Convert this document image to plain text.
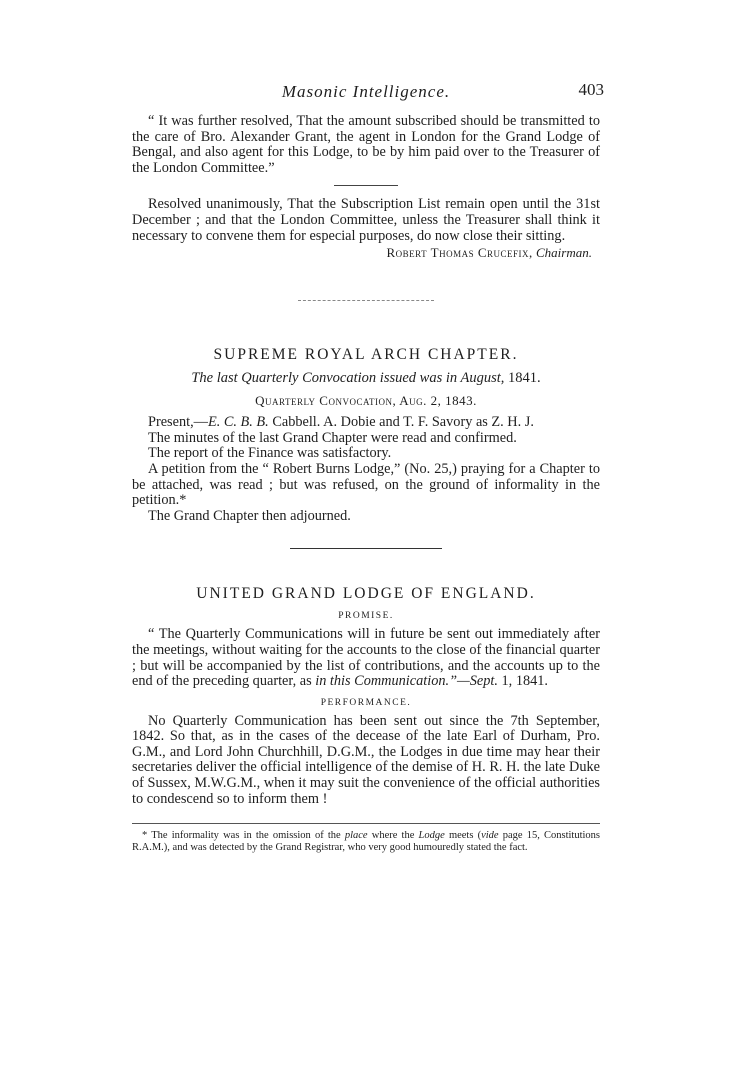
Masonic Intelligence.	403

“ It was further resolved, That the amount subscribed should be transmitted to the care of Bro. Alexander Grant, the agent in London for the Grand Lodge of Bengal, and also agent for this Lodge, to be by him paid over to the Treasurer of the London Committee.”

Resolved unanimously, That the Subscription List remain open until the 31st December ; and that the London Committee, unless the Treasurer shall think it necessary to convene them for especial purposes, do now close their sitting.

Robert Thomas Crucefix, Chairman.
SUPREME ROYAL ARCH CHAPTER.
The last Quarterly Convocation issued was in August, 1841.
Quarterly Convocation, Aug. 2, 1843.

Present,—E. C. B. B. Cabbell. A. Dobie and T. F. Savory as Z. H. J.

The minutes of the last Grand Chapter were read and confirmed.

The report of the Finance was satisfactory.

A petition from the “ Robert Burns Lodge,” (No. 25,) praying for a Chapter to be attached, was read ; but was refused, on the ground of informality in the petition.*

The Grand Chapter then adjourned.

UNITED GRAND LODGE OF ENGLAND.
PROMISE.

“ The Quarterly Communications will in future be sent out immediately after the meetings, without waiting for the accounts to the close of the financial quarter ; but will be accompanied by the list of contributions, and the accounts up to the end of the preceding quarter, as in this Communication.”—Sept. 1, 1841.

PERFORMANCE.

No Quarterly Communication has been sent out since the 7th September, 1842. So that, as in the cases of the decease of the late Earl of Durham, Pro. G.M., and Lord John Churchhill, D.G.M., the Lodges in due time may hear their secretaries deliver the official intelligence of the demise of H. R. H. the late Duke of Sussex, M.W.G.M., when it may suit the convenience of the official authorities to condescend so to inform them !

* The informality was in the omission of the place where the Lodge meets (vide page 15, Constitutions R.A.M.), and was detected by the Grand Registrar, who very good humouredly stated the fact.
